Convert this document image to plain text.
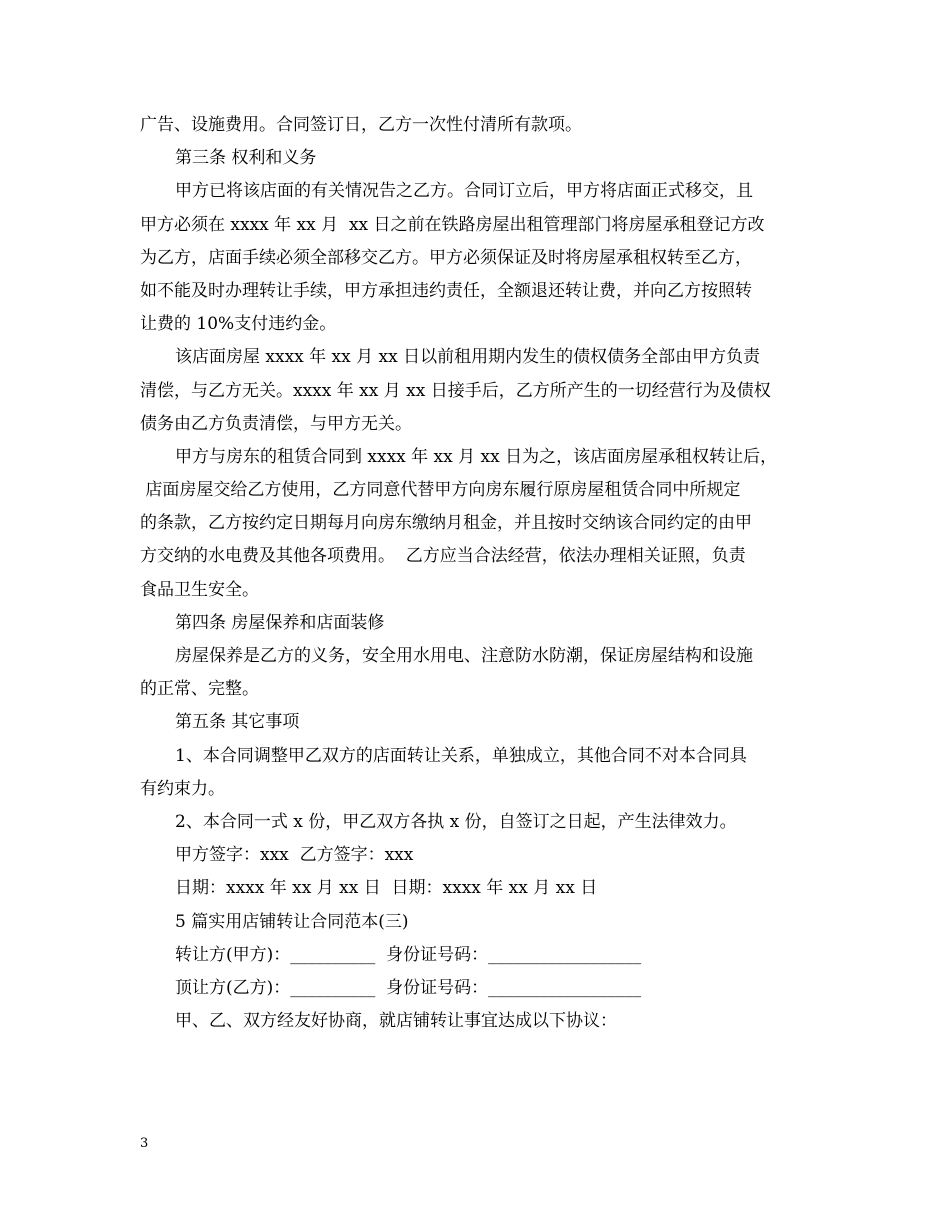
广告、设施费用。合同签订日，乙方一次性付清所有款项。
第三条 权利和义务
甲方已将该店面的有关情况告之乙方。合同订立后，甲方将店面正式移交，且
甲方必须在 xxxx 年 xx 月  xx 日之前在铁路房屋出租管理部门将房屋承租登记方改
为乙方，店面手续必须全部移交乙方。甲方必须保证及时将房屋承租权转至乙方，
如不能及时办理转让手续，甲方承担违约责任，全额退还转让费，并向乙方按照转
让费的 10%支付违约金。
该店面房屋 xxxx 年 xx 月 xx 日以前租用期内发生的债权债务全部由甲方负责
清偿，与乙方无关。xxxx 年 xx 月 xx 日接手后，乙方所产生的一切经营行为及债权
债务由乙方负责清偿，与甲方无关。
甲方与房东的租赁合同到 xxxx 年 xx 月 xx 日为之，该店面房屋承租权转让后，
店面房屋交给乙方使用，乙方同意代替甲方向房东履行原房屋租赁合同中所规定
的条款，乙方按约定日期每月向房东缴纳月租金，并且按时交纳该合同约定的由甲
方交纳的水电费及其他各项费用。  乙方应当合法经营，依法办理相关证照，负责
食品卫生安全。
第四条 房屋保养和店面装修
房屋保养是乙方的义务，安全用水用电、注意防水防潮，保证房屋结构和设施
的正常、完整。
第五条 其它事项
1、本合同调整甲乙双方的店面转让关系，单独成立，其他合同不对本合同具
有约束力。
2、本合同一式 x 份，甲乙双方各执 x 份，自签订之日起，产生法律效力。
甲方签字：xxx  乙方签字：xxx
日期：xxxx 年 xx 月 xx 日  日期：xxxx 年 xx 月 xx 日
5 篇实用店铺转让合同范本(三)
转让方(甲方)：__________  身份证号码：__________________
顶让方(乙方)：__________  身份证号码：__________________
甲、乙、双方经友好协商，就店铺转让事宜达成以下协议：
3
